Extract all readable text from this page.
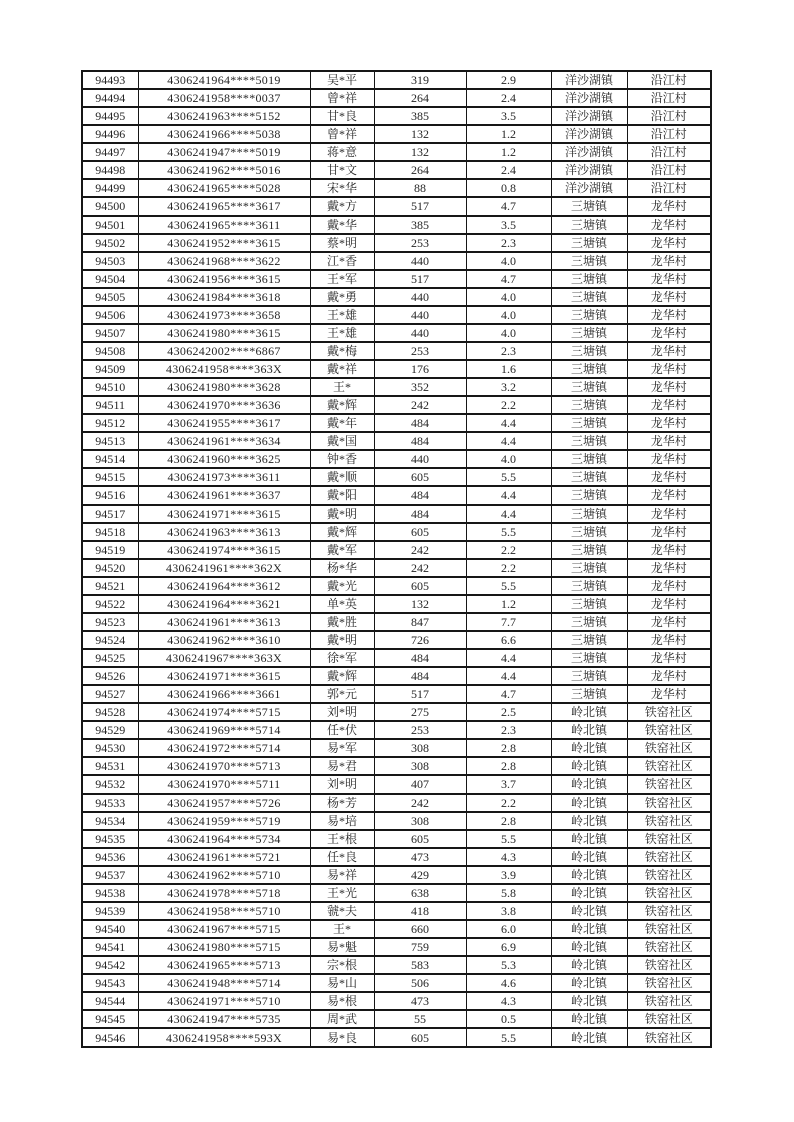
94493	4306241964****5019	吴*平	319	2.9	洋沙湖镇	沿江村
94494	4306241958****0037	曾*祥	264	2.4	洋沙湖镇	沿江村
94495	4306241963****5152	甘*良	385	3.5	洋沙湖镇	沿江村
94496	4306241966****5038	曾*祥	132	1.2	洋沙湖镇	沿江村
94497	4306241947****5019	蒋*意	132	1.2	洋沙湖镇	沿江村
94498	4306241962****5016	甘*文	264	2.4	洋沙湖镇	沿江村
94499	4306241965****5028	宋*华	88	0.8	洋沙湖镇	沿江村
94500	4306241965****3617	戴*方	517	4.7	三塘镇	龙华村
94501	4306241965****3611	戴*华	385	3.5	三塘镇	龙华村
94502	4306241952****3615	蔡*明	253	2.3	三塘镇	龙华村
94503	4306241968****3622	江*香	440	4.0	三塘镇	龙华村
94504	4306241956****3615	王*军	517	4.7	三塘镇	龙华村
94505	4306241984****3618	戴*勇	440	4.0	三塘镇	龙华村
94506	4306241973****3658	王*雄	440	4.0	三塘镇	龙华村
94507	4306241980****3615	王*雄	440	4.0	三塘镇	龙华村
94508	4306242002****6867	戴*梅	253	2.3	三塘镇	龙华村
94509	4306241958****363X	戴*祥	176	1.6	三塘镇	龙华村
94510	4306241980****3628	王*	352	3.2	三塘镇	龙华村
94511	4306241970****3636	戴*辉	242	2.2	三塘镇	龙华村
94512	4306241955****3617	戴*年	484	4.4	三塘镇	龙华村
94513	4306241961****3634	戴*国	484	4.4	三塘镇	龙华村
94514	4306241960****3625	钟*香	440	4.0	三塘镇	龙华村
94515	4306241973****3611	戴*顺	605	5.5	三塘镇	龙华村
94516	4306241961****3637	戴*阳	484	4.4	三塘镇	龙华村
94517	4306241971****3615	戴*明	484	4.4	三塘镇	龙华村
94518	4306241963****3613	戴*辉	605	5.5	三塘镇	龙华村
94519	4306241974****3615	戴*军	242	2.2	三塘镇	龙华村
94520	4306241961****362X	杨*华	242	2.2	三塘镇	龙华村
94521	4306241964****3612	戴*光	605	5.5	三塘镇	龙华村
94522	4306241964****3621	单*英	132	1.2	三塘镇	龙华村
94523	4306241961****3613	戴*胜	847	7.7	三塘镇	龙华村
94524	4306241962****3610	戴*明	726	6.6	三塘镇	龙华村
94525	4306241967****363X	徐*军	484	4.4	三塘镇	龙华村
94526	4306241971****3615	戴*辉	484	4.4	三塘镇	龙华村
94527	4306241966****3661	郭*元	517	4.7	三塘镇	龙华村
94528	4306241974****5715	刘*明	275	2.5	岭北镇	铁窑社区
94529	4306241969****5714	任*伏	253	2.3	岭北镇	铁窑社区
94530	4306241972****5714	易*军	308	2.8	岭北镇	铁窑社区
94531	4306241970****5713	易*君	308	2.8	岭北镇	铁窑社区
94532	4306241970****5711	刘*明	407	3.7	岭北镇	铁窑社区
94533	4306241957****5726	杨*芳	242	2.2	岭北镇	铁窑社区
94534	4306241959****5719	易*培	308	2.8	岭北镇	铁窑社区
94535	4306241964****5734	王*根	605	5.5	岭北镇	铁窑社区
94536	4306241961****5721	任*良	473	4.3	岭北镇	铁窑社区
94537	4306241962****5710	易*祥	429	3.9	岭北镇	铁窑社区
94538	4306241978****5718	王*光	638	5.8	岭北镇	铁窑社区
94539	4306241958****5710	虢*夫	418	3.8	岭北镇	铁窑社区
94540	4306241967****5715	王*	660	6.0	岭北镇	铁窑社区
94541	4306241980****5715	易*魁	759	6.9	岭北镇	铁窑社区
94542	4306241965****5713	宗*根	583	5.3	岭北镇	铁窑社区
94543	4306241948****5714	易*山	506	4.6	岭北镇	铁窑社区
94544	4306241971****5710	易*根	473	4.3	岭北镇	铁窑社区
94545	4306241947****5735	周*武	55	0.5	岭北镇	铁窑社区
94546	4306241958****593X	易*良	605	5.5	岭北镇	铁窑社区
